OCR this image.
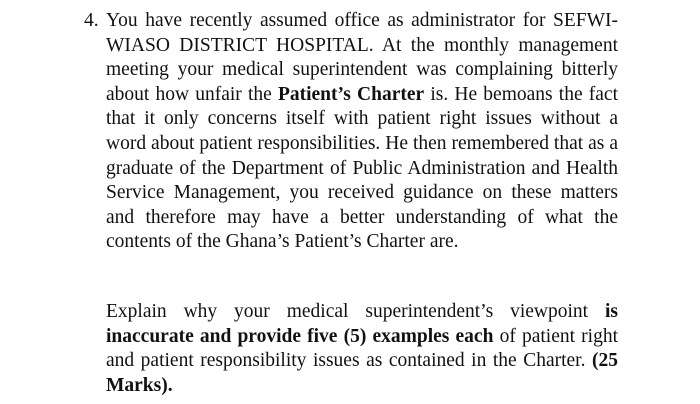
4. You have recently assumed office as administrator for SEFWI-WIASO DISTRICT HOSPITAL. At the monthly management meeting your medical superintendent was complaining bitterly about how unfair the Patient’s Charter is. He bemoans the fact that it only concerns itself with patient right issues without a word about patient responsibilities. He then remembered that as a graduate of the Department of Public Administration and Health Service Management, you received guidance on these matters and therefore may have a better understanding of what the contents of the Ghana’s Patient’s Charter are.

Explain why your medical superintendent’s viewpoint is inaccurate and provide five (5) examples each of patient right and patient responsibility issues as contained in the Charter. (25 Marks).
